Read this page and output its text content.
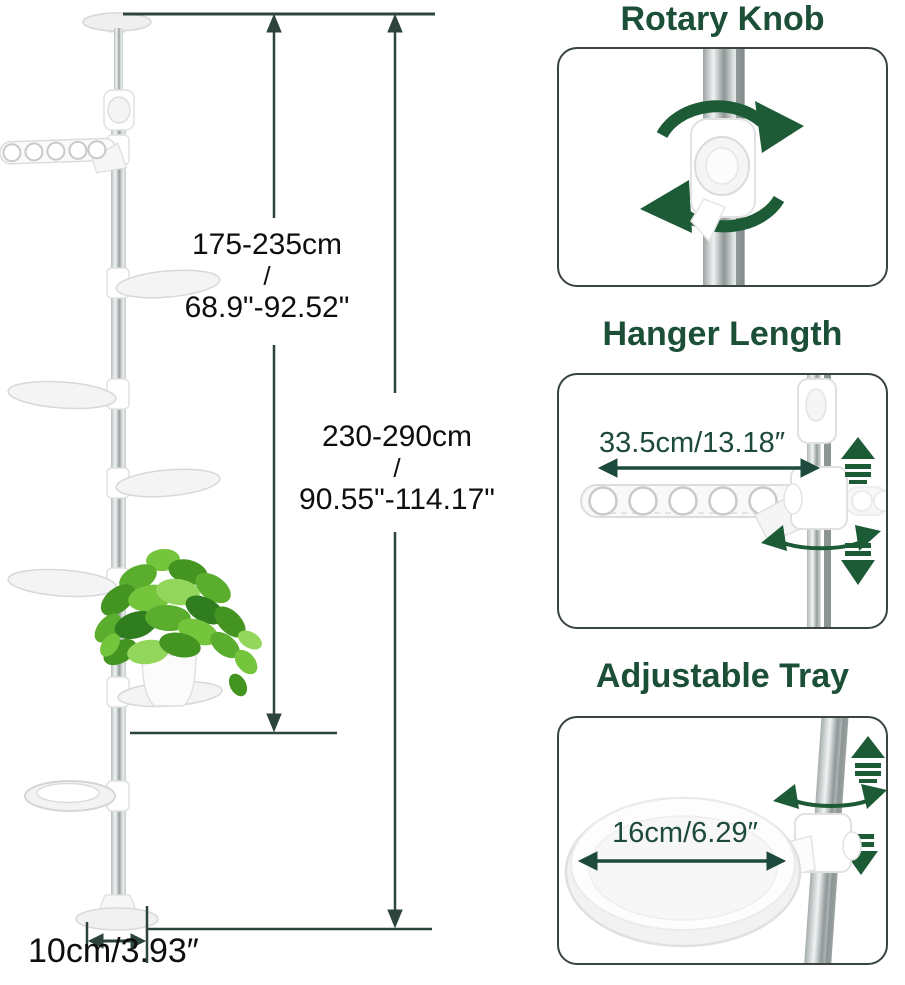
175-235cm
/
68.9"-92.52"
230-290cm
/
90.55"-114.17"
10cm/3.93″
Rotary Knob
Hanger Length
33.5cm/13.18″
Adjustable Tray
16cm/6.29″
